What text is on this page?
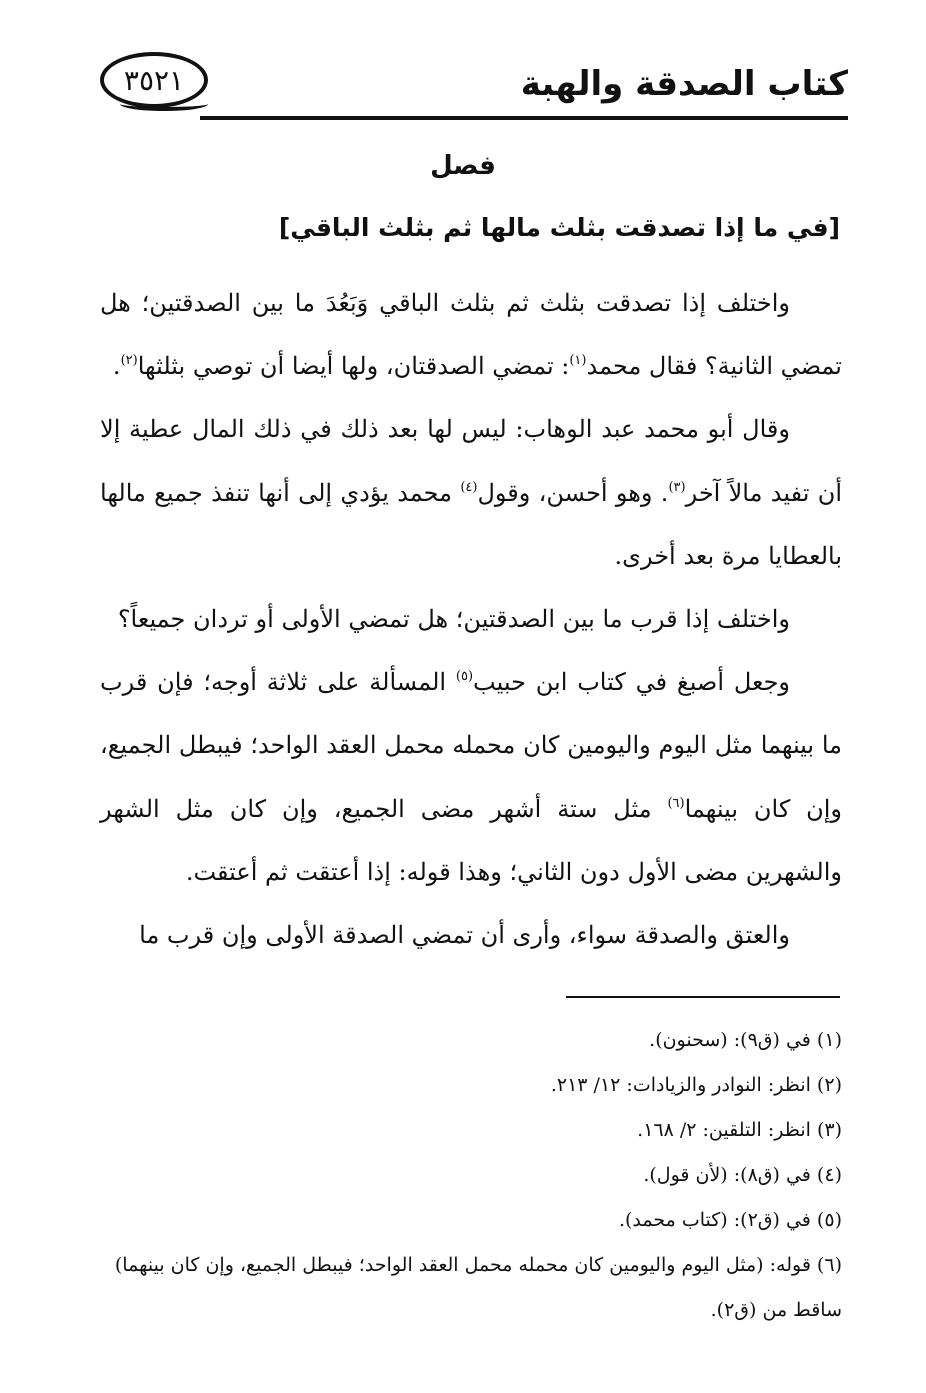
كتاب الصدقة والهبة
٣٥٢١
فصل
[في ما إذا تصدقت بثلث مالها ثم بثلث الباقي]

واختلف إذا تصدقت بثلث ثم بثلث الباقي وَبَعُدَ ما بين الصدقتين؛ هل تمضي الثانية؟ فقال محمد$^{(١)}$: تمضي الصدقتان، ولها أيضا أن توصي بثلثها$^{(٢)}$.

وقال أبو محمد عبد الوهاب: ليس لها بعد ذلك في ذلك المال عطية إلا أن تفيد مالاً آخر$^{(٣)}$. وهو أحسن، وقول$^{(٤)}$ محمد يؤدي إلى أنها تنفذ جميع مالها بالعطايا مرة بعد أخرى.

واختلف إذا قرب ما بين الصدقتين؛ هل تمضي الأولى أو تردان جميعاً؟

وجعل أصبغ في كتاب ابن حبيب$^{(٥)}$ المسألة على ثلاثة أوجه؛ فإن قرب ما بينهما مثل اليوم واليومين كان محمله محمل العقد الواحد؛ فيبطل الجميع، وإن كان بينهما$^{(٦)}$ مثل ستة أشهر مضى الجميع، وإن كان مثل الشهر والشهرين مضى الأول دون الثاني؛ وهذا قوله: إذا أعتقت ثم أعتقت.

والعتق والصدقة سواء، وأرى أن تمضي الصدقة الأولى وإن قرب ما

(١) في (ق٩): (سحنون).

(٢) انظر: النوادر والزيادات: ١٢/ ٢١٣.

(٣) انظر: التلقين: ٢/ ١٦٨.

(٤) في (ق٨): (لأن قول).

(٥) في (ق٢): (كتاب محمد).

(٦) قوله: (مثل اليوم واليومين كان محمله محمل العقد الواحد؛ فيبطل الجميع، وإن كان بينهما) ساقط من (ق٢).
